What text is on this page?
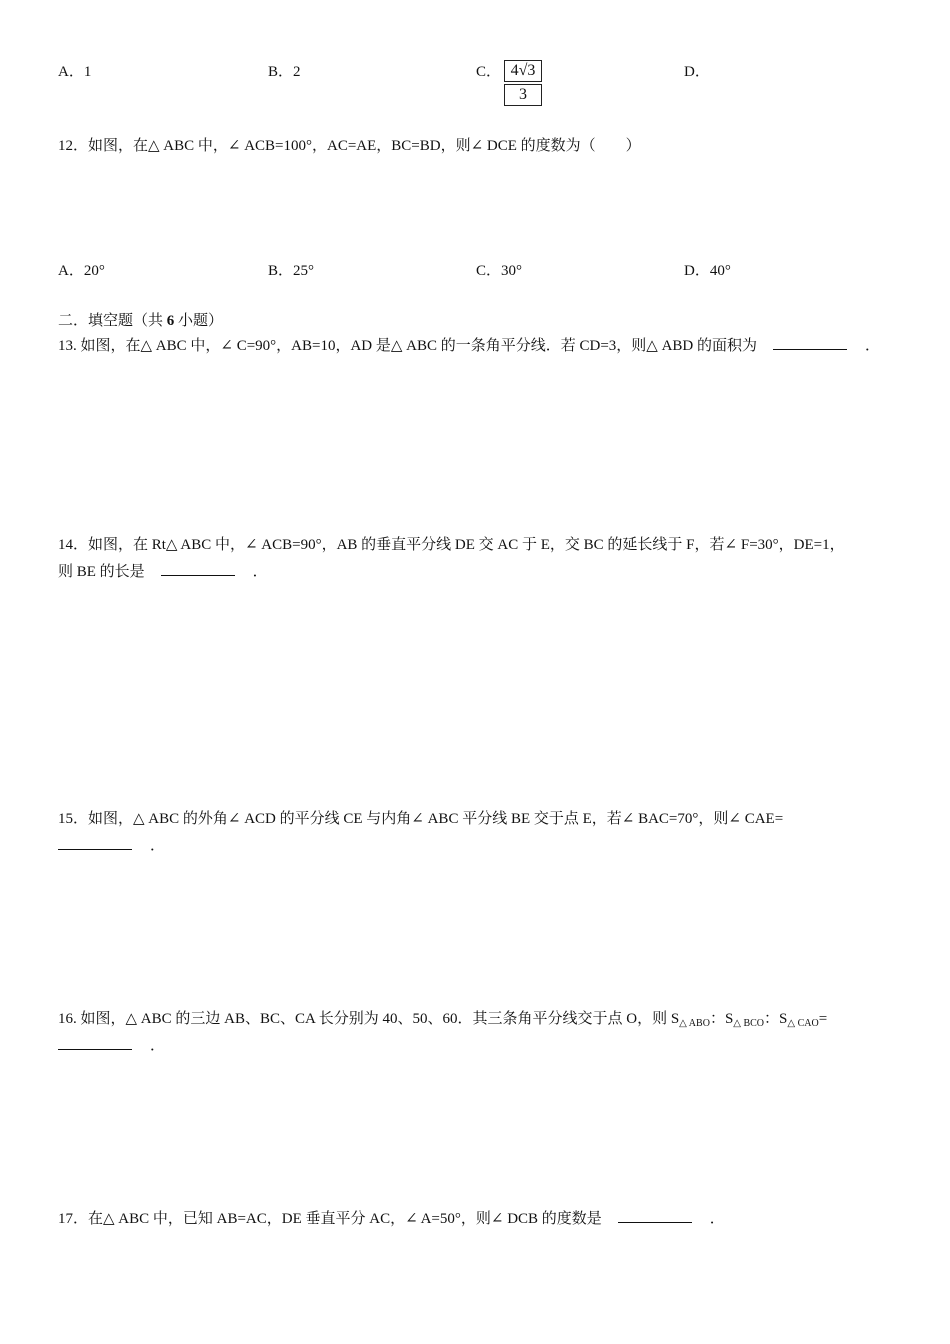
A．1	B．2	C． $\frac{4√3}{3}$	D．
12．如图，在△ ABC 中，∠ ACB=100°，AC=AE，BC=BD，则∠ DCE 的度数为（　　）
A．20°	B．25°	C．30°	D．40°
二．填空题（共 6 小题）
13. 如图，在△ ABC 中，∠ C=90°，AB=10，AD 是△ ABC 的一条角平分线．若 CD=3，则△ ABD 的面积为	．
14．如图，在 Rt△ ABC 中，∠ ACB=90°，AB 的垂直平分线 DE 交 AC 于 E，交 BC 的延长线于 F，若∠ F=30°，DE=1，
则 BE 的长是	．
15．如图，△ ABC 的外角∠ ACD 的平分线 CE 与内角∠ ABC 平分线 BE 交于点 E，若∠ BAC=70°，则∠ CAE=
．
16. 如图，△ ABC 的三边 AB、BC、CA 长分别为 40、50、60．其三条角平分线交于点 O，则 $S_{\triangle ABO}$：$S_{\triangle BCO}$：$S_{\triangle CAO}=$
．
17．在△ ABC 中，已知 AB=AC，DE 垂直平分 AC，∠ A=50°，则∠ DCB 的度数是	．
